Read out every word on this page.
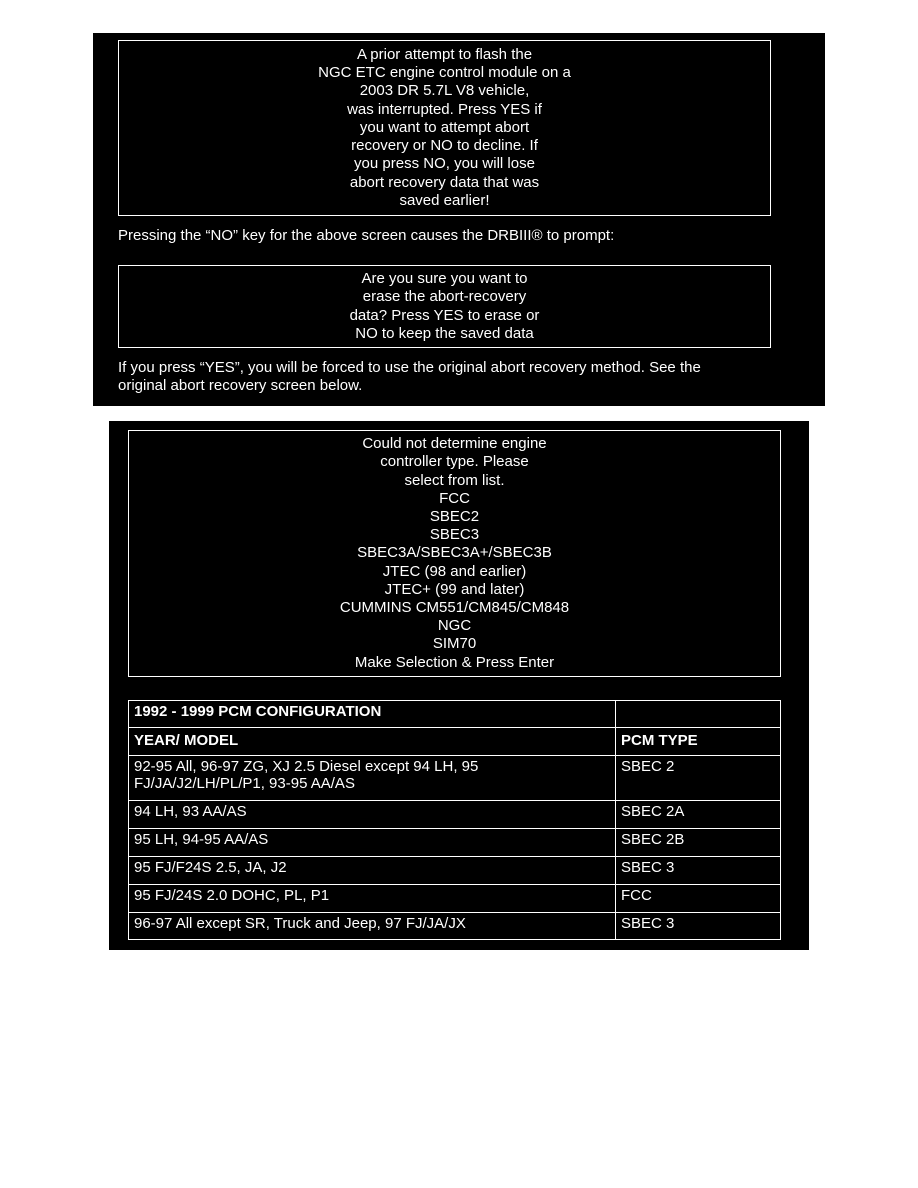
A prior attempt to flash the
NGC ETC engine control module on a
2003 DR 5.7L V8 vehicle,
was interrupted. Press YES if
you want to attempt abort
recovery or NO to decline. If
you press NO, you will lose
abort recovery data that was
saved earlier!
Pressing the “NO” key for the above screen causes the DRBIII® to prompt:
Are you sure you want to
erase the abort-recovery
data? Press YES to erase or
NO to keep the saved data
If you press “YES”, you will be forced to use the original abort recovery method. See the
original abort recovery screen below.
Could not determine engine
controller type. Please
select from list.
FCC
SBEC2
SBEC3
SBEC3A/SBEC3A+/SBEC3B
JTEC (98 and earlier)
JTEC+ (99 and later)
CUMMINS CM551/CM845/CM848
NGC
SIM70
Make Selection & Press Enter
1992 - 1999 PCM CONFIGURATION	
YEAR/ MODEL	PCM TYPE

92-95 All, 96-97 ZG, XJ 2.5 Diesel except 94 LH, 95
FJ/JA/J2/LH/PL/P1, 93-95 AA/AS	SBEC 2
94 LH, 93 AA/AS	SBEC 2A
95 LH, 94-95 AA/AS	SBEC 2B
95 FJ/F24S 2.5, JA, J2	SBEC 3
95 FJ/24S 2.0 DOHC, PL, P1	FCC
96-97 All except SR, Truck and Jeep, 97 FJ/JA/JX	SBEC 3
